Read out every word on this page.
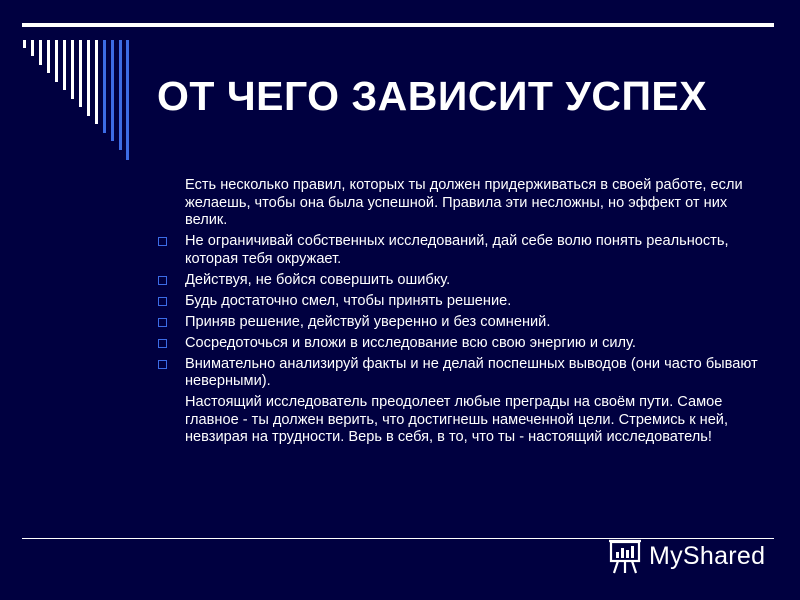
ОТ ЧЕГО ЗАВИСИТ УСПЕХ

Есть несколько правил, которых ты должен придерживаться в своей работе, если желаешь, чтобы она была успешной. Правила эти несложны, но эффект от них велик.

Не ограничивай собственных исследований, дай себе волю понять реальность, которая тебя окружает.

Действуя, не бойся совершить ошибку.

Будь достаточно смел, чтобы принять решение.

Приняв решение, действуй уверенно и без сомнений.

Сосредоточься и вложи в исследование всю свою энергию и силу.

Внимательно анализируй факты и не делай поспешных выводов (они часто бывают неверными).

Настоящий исследователь преодолеет любые преграды на своём пути. Самое главное - ты должен верить, что достигнешь намеченной цели. Стремись к ней, невзирая на трудности. Верь в себя, в то, что ты - настоящий исследователь!

MyShared
